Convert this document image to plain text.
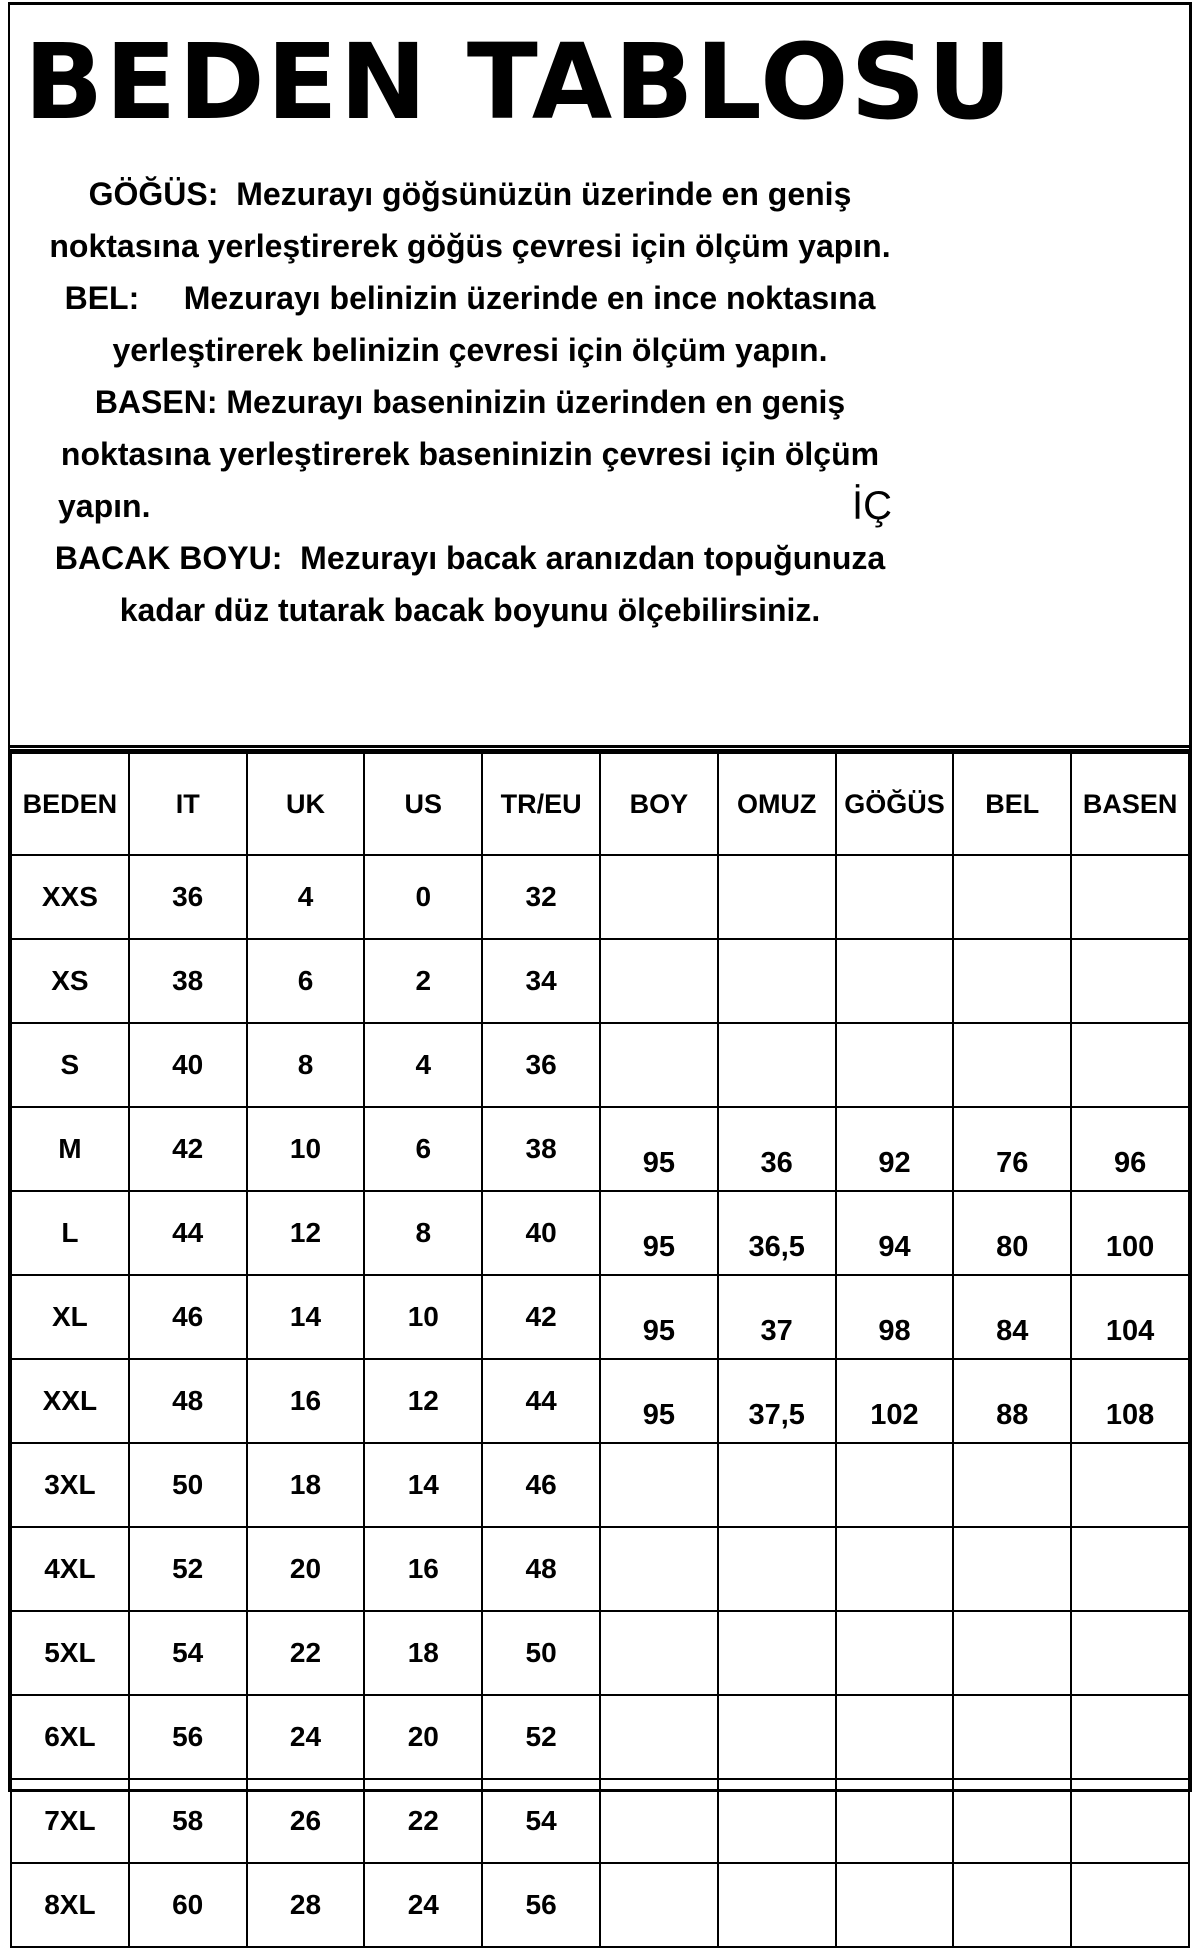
BEDEN TABLOSU
GÖĞÜS:  Mezurayı göğsünüzün üzerinde en geniş
noktasına yerleştirerek göğüs çevresi için ölçüm yapın.
BEL:     Mezurayı belinizin üzerinde en ince noktasına
yerleştirerek belinizin çevresi için ölçüm yapın.
BASEN: Mezurayı baseninizin üzerinden en geniş
noktasına yerleştirerek baseninizin çevresi için ölçüm
yapın.	İÇ
BACAK BOYU:  Mezurayı bacak aranızdan topuğunuza
kadar düz tutarak bacak boyunu ölçebilirsiniz.
BEDEN	IT	UK	US	TR/EU	BOY	OMUZ	GÖĞÜS	BEL	BASEN
XXS	36	4	0	32					
XS	38	6	2	34					
S	40	8	4	36					
M	42	10	6	38	95	36	92	76	96
L	44	12	8	40	95	36,5	94	80	100
XL	46	14	10	42	95	37	98	84	104
XXL	48	16	12	44	95	37,5	102	88	108
3XL	50	18	14	46					
4XL	52	20	16	48					
5XL	54	22	18	50					
6XL	56	24	20	52					
7XL	58	26	22	54					
8XL	60	28	24	56					
